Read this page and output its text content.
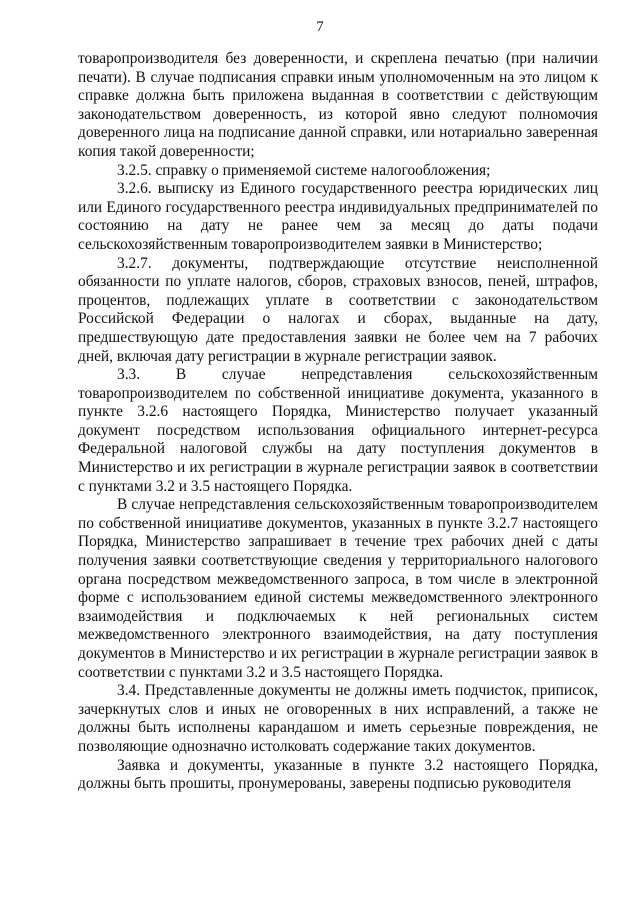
7

товаропроизводителя без доверенности, и скреплена печатью (при наличии печати). В случае подписания справки иным уполномоченным на это лицом к справке должна быть приложена выданная в соответствии с действующим законодательством доверенность, из которой явно следуют полномочия доверенного лица на подписание данной справки, или нотариально заверенная копия такой доверенности;

3.2.5. справку о применяемой системе налогообложения;

3.2.6. выписку из Единого государственного реестра юридических лиц или Единого государственного реестра индивидуальных предпринимателей по состоянию на дату не ранее чем за месяц до даты подачи сельскохозяйственным товаропроизводителем заявки в Министерство;

3.2.7. документы, подтверждающие отсутствие неисполненной обязанности по уплате налогов, сборов, страховых взносов, пеней, штрафов, процентов, подлежащих уплате в соответствии с законодательством Российской Федерации о налогах и сборах, выданные на дату, предшествующую дате предоставления заявки не более чем на 7 рабочих дней, включая дату регистрации в журнале регистрации заявок.

3.3. В случае непредставления сельскохозяйственным товаропроизводителем по собственной инициативе документа, указанного в пункте 3.2.6 настоящего Порядка, Министерство получает указанный документ посредством использования официального интернет-ресурса Федеральной налоговой службы на дату поступления документов в Министерство и их регистрации в журнале регистрации заявок в соответствии с пунктами 3.2 и 3.5 настоящего Порядка.

В случае непредставления сельскохозяйственным товаропроизводителем по собственной инициативе документов, указанных в пункте 3.2.7 настоящего Порядка, Министерство запрашивает в течение трех рабочих дней с даты получения заявки соответствующие сведения у территориального налогового органа посредством межведомственного запроса, в том числе в электронной форме с использованием единой системы межведомственного электронного взаимодействия и подключаемых к ней региональных систем межведомственного электронного взаимодействия, на дату поступления документов в Министерство и их регистрации в журнале регистрации заявок в соответствии с пунктами 3.2 и 3.5 настоящего Порядка.

3.4. Представленные документы не должны иметь подчисток, приписок, зачеркнутых слов и иных не оговоренных в них исправлений, а также не должны быть исполнены карандашом и иметь серьезные повреждения, не позволяющие однозначно истолковать содержание таких документов.

Заявка и документы, указанные в пункте 3.2 настоящего Порядка, должны быть прошиты, пронумерованы, заверены подписью руководителя
